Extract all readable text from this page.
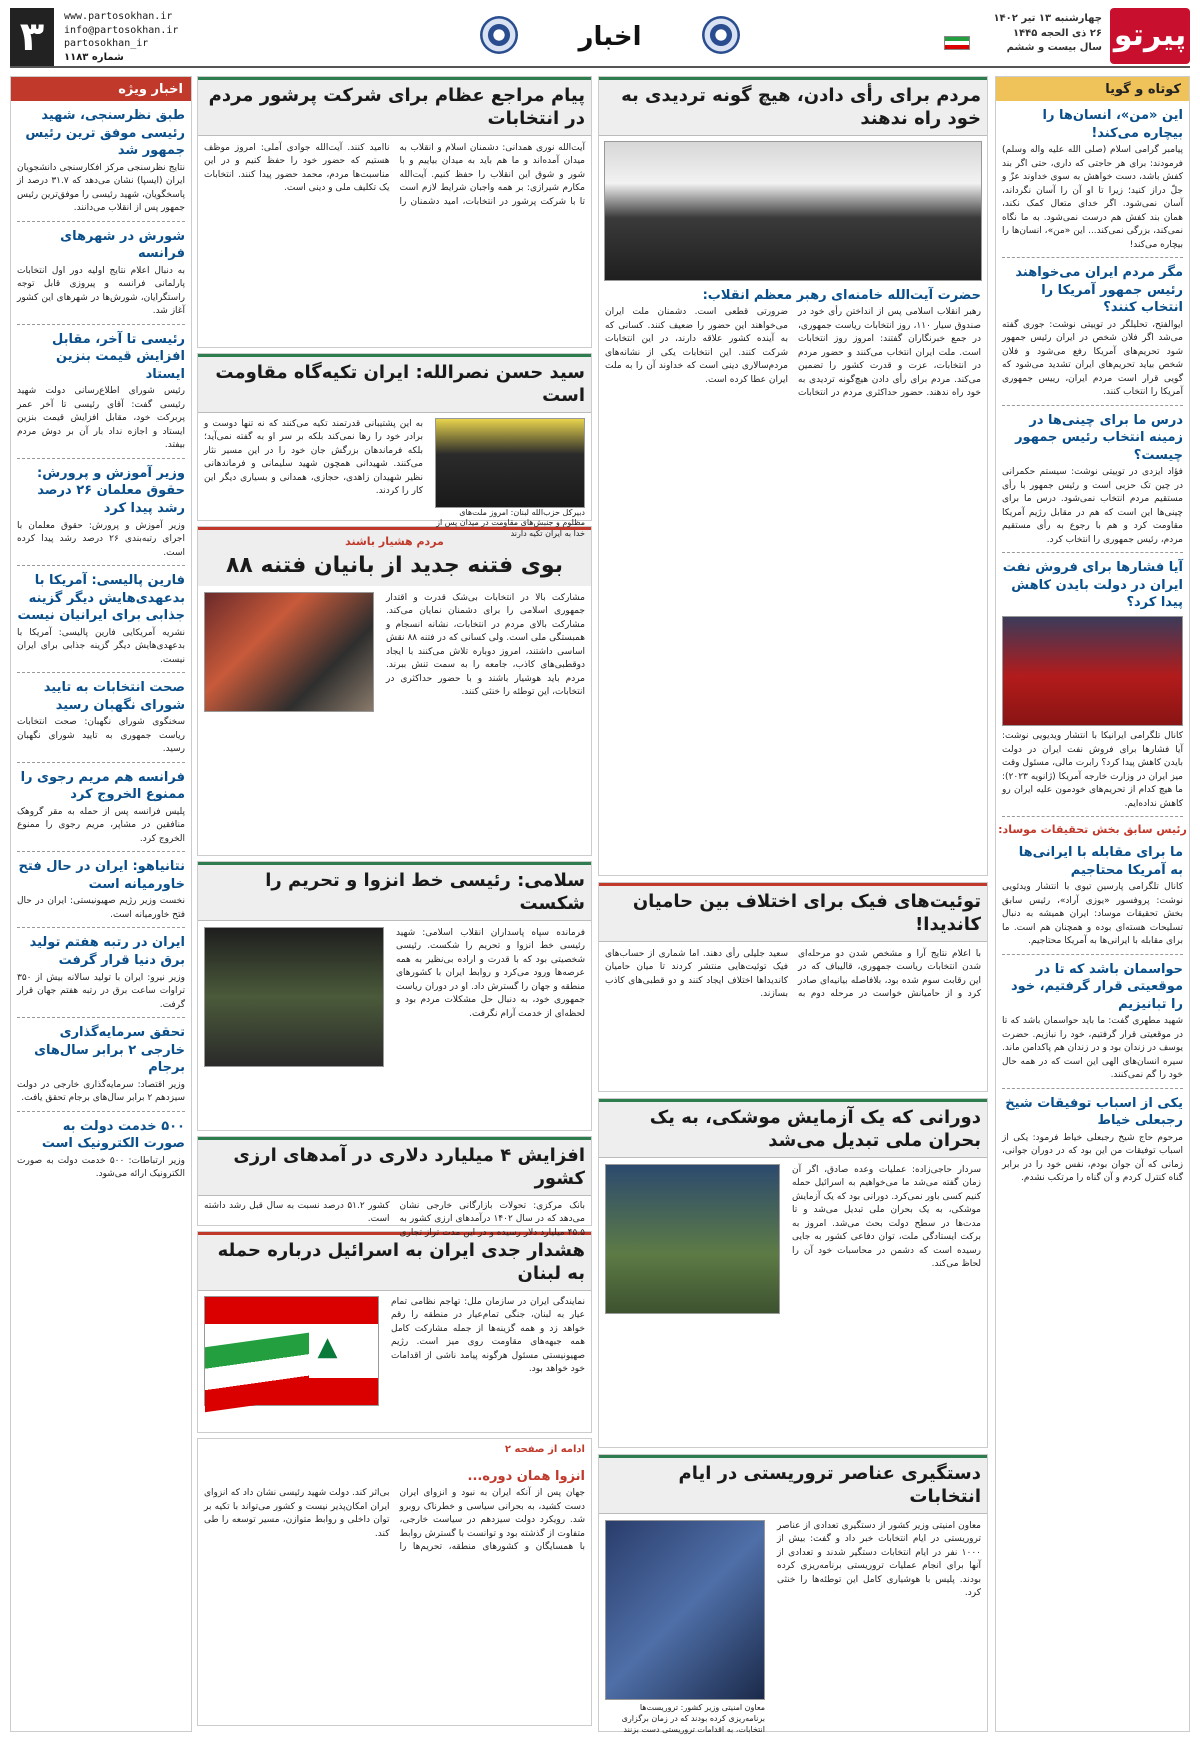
پیرتو
چهارشنبه ۱۳ تیر ۱۴۰۲
۲۶ ذی الحجه ۱۴۴۵
سال بیست و ششم
اخبار
www.partosokhan.ir
info@partosokhan.ir
partosokhan_ir
شماره ۱۱۸۳
۳
کوتاه و گویا
این «من»، انسان‌ها را بیچاره می‌کند!
پیامبر گرامی اسلام (صلی الله علیه واله وسلم) فرمودند: برای هر حاجتی که داری، حتی اگر بند کفش باشد، دست خواهش به سوی خداوند عزّ و جلّ دراز کنید؛ زیرا تا او آن را آسان نگرداند، آسان نمی‌شود. اگر خدای متعال کمک نکند، همان بند کفش هم درست نمی‌شود. به ما نگاه نمی‌کند، بزرگی نمی‌کند... این «من»، انسان‌ها را بیچاره می‌کند!
مگر مردم ایران می‌خواهند رئیس جمهور آمریکا را انتخاب کنند؟
ایوالفتح، تحلیلگر در توییتی نوشت: جوری گفته می‌شد اگر فلان شخص در ایران رئیس جمهور شود تحریم‌های آمریکا رفع می‌شود و فلان شخص بیاید تحریم‌های ایران تشدید می‌شود که گویی قرار است مردم ایران، رییس جمهوری آمریکا را انتخاب کنند.
درس ما برای چینی‌ها در زمینه انتخاب رئیس جمهور چیست؟
فؤاد ایزدی در توییتی نوشت: سیستم حکمرانی در چین تک حزبی است و رئیس جمهور با رأی مستقیم مردم انتخاب نمی‌شود. درس ما برای چینی‌ها این است که هم در مقابل رژیم آمریکا مقاومت کرد و هم با رجوع به رأی مستقیم مردم، رئیس جمهوری را انتخاب کرد.
آیا فشارها برای فروش نفت ایران در دولت بایدن کاهش پیدا کرد؟
کانال تلگرامی ایرانیکا با انتشار ویدیویی نوشت: آیا فشارها برای فروش نفت ایران در دولت بایدن کاهش پیدا کرد؟ رابرت مالی، مسئول وقت میز ایران در وزارت خارجه آمریکا (ژانویه ۲۰۲۳): ما هیچ کدام از تحریم‌های خودمون علیه ایران رو کاهش نداده‌ایم.
رئیس سابق بخش تحقیقات موساد:
ما برای مقابله با ایرانی‌ها به آمریکا محتاجیم
کانال تلگرامی پارسین تیوی با انتشار ویدئویی نوشت: پروفسور «یوزی آراد»، رئیس سابق بخش تحقیقات موساد: ایران همیشه به دنبال تسلیحات هسته‌ای بوده و همچنان هم است. ما برای مقابله با ایرانی‌ها به آمریکا محتاجیم.
حواسمان باشد که تا در موقعیتی قرار گرفتیم، خود را تبانیزیم
شهید مطهری گفت: ما باید حواسمان باشد که تا در موقعیتی قرار گرفتیم، خود را نبازیم. حضرت یوسف در زندان بود و در زندان هم پاکدامن ماند. سیره انسان‌های الهی این است که در همه حال خود را گم نمی‌کنند.
یکی از اسباب توفیقات شیخ رجبعلی خیاط
مرحوم حاج شیخ رجبعلی خیاط فرمود: یکی از اسباب توفیقات من این بود که در دوران جوانی، زمانی که آن جوان بودم، نفس خود را در برابر گناه کنترل کردم و آن گناه را مرتکب نشدم.
مردم برای رأی دادن، هیچ گونه تردیدی به خود راه ندهند
حضرت آیت‌الله خامنه‌ای رهبر معظم انقلاب:
رهبر انقلاب اسلامی پس از انداختن رأی خود در صندوق سیار ۱۱۰، روز انتخابات ریاست جمهوری، در جمع خبرنگاران گفتند: امروز روز انتخابات است. ملت ایران انتخاب می‌کنند و حضور مردم در انتخابات، عزت و قدرت کشور را تضمین می‌کند. مردم برای رأی دادن هیچ‌گونه تردیدی به خود راه ندهند. حضور حداکثری مردم در انتخابات ضرورتی قطعی است. دشمنان ملت ایران می‌خواهند این حضور را ضعیف کنند. کسانی که به آینده کشور علاقه دارند، در این انتخابات شرکت کنند. این انتخابات یکی از نشانه‌های مردم‌سالاری دینی است که خداوند آن را به ملت ایران عطا کرده است.
توئیت‌های فیک برای اختلاف بین حامیان کاندیدا!
با اعلام نتایج آرا و مشخص شدن دو مرحله‌ای شدن انتخابات ریاست جمهوری، قالیباف که در این رقابت سوم شده بود، بلافاصله بیانیه‌ای صادر کرد و از حامیانش خواست در مرحله دوم به سعید جلیلی رأی دهند. اما شماری از حساب‌های فیک توئیت‌هایی منتشر کردند تا میان حامیان کاندیداها اختلاف ایجاد کنند و دو قطبی‌های کاذب بسازند.
دورانی که یک آزمایش موشکی، به یک بحران ملی تبدیل می‌شد
سردار حاجی‌زاده: عملیات وعده صادق، اگر آن زمان گفته می‌شد ما می‌خواهیم به اسرائیل حمله کنیم کسی باور نمی‌کرد. دورانی بود که یک آزمایش موشکی، به یک بحران ملی تبدیل می‌شد و تا مدت‌ها در سطح دولت بحث می‌شد. امروز به برکت ایستادگی ملت، توان دفاعی کشور به جایی رسیده است که دشمن در محاسبات خود آن را لحاظ می‌کند.
دستگیری عناصر تروریستی در ایام انتخابات
معاون امنیتی وزیر کشور از دستگیری تعدادی از عناصر تروریستی در ایام انتخابات خبر داد و گفت: بیش از ۱۰۰۰ نفر در ایام انتخابات دستگیر شدند و تعدادی از آنها برای انجام عملیات تروریستی برنامه‌ریزی کرده بودند. پلیس با هوشیاری کامل این توطئه‌ها را خنثی کرد.
معاون امنیتی وزیر کشور: تروریست‌ها برنامه‌ریزی کرده بودند که در زمان برگزاری انتخابات، به اقدامات تروریستی دست بزنند
پیام مراجع عظام برای شرکت پرشور مردم در انتخابات
آیت‌الله نوری همدانی: دشمنان اسلام و انقلاب به میدان آمده‌اند و ما هم باید به میدان بیاییم و با شور و شوق این انقلاب را حفظ کنیم. آیت‌الله مکارم شیرازی: بر همه واجبان شرایط لازم است تا با شرکت پرشور در انتخابات، امید دشمنان را ناامید کنند. آیت‌الله جوادی آملی: امروز موظف هستیم که حضور خود را حفظ کنیم و در این مناسبت‌ها مردم، محمد حضور پیدا کنند. انتخابات یک تکلیف ملی و دینی است.
سید حسن نصرالله: ایران تکیه‌گاه مقاومت است
دبیرکل حزب‌الله لبنان: امروز ملت‌های مظلوم و جنبش‌های مقاومت در میدان پس از خدا به ایران تکیه دارند
به این پشتیبانی قدرتمند تکیه می‌کنند که نه تنها دوست و برادر خود را رها نمی‌کند بلکه بر سر او به گفته نمی‌آید؛ بلکه فرماندهان بزرگش جان خود را در این مسیر نثار می‌کنند. شهیدانی همچون شهید سلیمانی و فرماندهانی نظیر شهیدان زاهدی، حجازی، همدانی و بسیاری دیگر این کار را کردند.
مردم هشیار باشند
بوی فتنه جدید از بانیان فتنه ۸۸
مشارکت بالا در انتخابات بی‌شک قدرت و اقتدار جمهوری اسلامی را برای دشمنان نمایان می‌کند. مشارکت بالای مردم در انتخابات، نشانه انسجام و همبستگی ملی است. ولی کسانی که در فتنه ۸۸ نقش اساسی داشتند، امروز دوباره تلاش می‌کنند با ایجاد دوقطبی‌های کاذب، جامعه را به سمت تنش ببرند. مردم باید هوشیار باشند و با حضور حداکثری در انتخابات، این توطئه را خنثی کنند.
سلامی: رئیسی خط انزوا و تحریم را شکست
فرمانده سپاه پاسداران انقلاب اسلامی: شهید رئیسی خط انزوا و تحریم را شکست. رئیسی شخصیتی بود که با قدرت و اراده بی‌نظیر به همه عرصه‌ها ورود می‌کرد و روابط ایران با کشورهای منطقه و جهان را گسترش داد. او در دوران ریاست جمهوری خود، به دنبال حل مشکلات مردم بود و لحظه‌ای از خدمت آرام نگرفت.
افزایش ۴ میلیارد دلاری در آمدهای ارزی کشور
بانک مرکزی: تحولات بازارگانی خارجی نشان می‌دهد که در سال ۱۴۰۲ درآمدهای ارزی کشور به کشور ۵۱.۲ درصد نسبت به سال قبل رشد داشته است.
هشدار جدی ایران به اسرائیل درباره حمله به لبنان
نمایندگی ایران در سازمان ملل: تهاجم نظامی تمام عیار به لبنان، جنگی تمام‌عیار در منطقه را رقم خواهد زد و همه گزینه‌ها از جمله مشارکت کامل همه جبهه‌های مقاومت روی میز است. رژیم صهیونیستی مسئول هرگونه پیامد ناشی از اقدامات خود خواهد بود.
▲
ادامه از صفحه ۲
انزوا همان دوره...
جهان پس از آنکه ایران به نبود و انزوای ایران دست کشید، به بحرانی سیاسی و خطرناک روبرو شد. رویکرد دولت سیزدهم در سیاست خارجی، متفاوت از گذشته بود و توانست با گسترش روابط با همسایگان و کشورهای منطقه، تحریم‌ها را بی‌اثر کند. دولت شهید رئیسی نشان داد که انزوای ایران امکان‌پذیر نیست و کشور می‌تواند با تکیه بر توان داخلی و روابط متوازن، مسیر توسعه را طی کند.
اخبار ویژه
طبق نظرسنجی، شهید رئیسی موفق ترین رئیس جمهور شد
نتایج نظرسنجی مرکز افکارسنجی دانشجویان ایران (ایسپا) نشان می‌دهد که ۳۱.۷ درصد از پاسخگویان، شهید رئیسی را موفق‌ترین رئیس جمهور پس از انقلاب می‌دانند.
شورش در شهرهای فرانسه
به دنبال اعلام نتایج اولیه دور اول انتخابات پارلمانی فرانسه و پیروزی قابل توجه راستگرایان، شورش‌ها در شهرهای این کشور آغاز شد.
رئیسی تا آخر، مقابل افزایش قیمت بنزین ایستاد
رئیس شورای اطلاع‌رسانی دولت شهید رئیسی گفت: آقای رئیسی تا آخر عمر پربرکت خود، مقابل افزایش قیمت بنزین ایستاد و اجازه نداد بار آن بر دوش مردم بیفتد.
وزیر آموزش و پرورش: حقوق معلمان ۲۶ درصد رشد پیدا کرد
وزیر آموزش و پرورش: حقوق معلمان با اجرای رتبه‌بندی ۲۶ درصد رشد پیدا کرده است.
فارین پالیسی: آمریکا با بدعهدی‌هایش دیگر گزینه جذابی برای ایرانیان نیست
نشریه آمریکایی فارین پالیسی: آمریکا با بدعهدی‌هایش دیگر گزینه جذابی برای ایران نیست.
صحت انتخابات به تایید شورای نگهبان رسید
سخنگوی شورای نگهبان: صحت انتخابات ریاست جمهوری به تایید شورای نگهبان رسید.
فرانسه هم مریم رجوی را ممنوع الخروج کرد
پلیس فرانسه پس از حمله به مقر گروهک منافقین در مشاپر، مریم رجوی را ممنوع الخروج کرد.
نتانیاهو: ایران در حال فتح خاورمیانه است
نخست وزیر رژیم صهیونیستی: ایران در حال فتح خاورمیانه است.
ایران در رتبه هفتم تولید برق دنیا قرار گرفت
وزیر نیرو: ایران با تولید سالانه بیش از ۳۵۰ تراوات ساعت برق در رتبه هفتم جهان قرار گرفت.
تحقق سرمایه‌گذاری خارجی ۲ برابر سال‌های برجام
وزیر اقتصاد: سرمایه‌گذاری خارجی در دولت سیزدهم ۲ برابر سال‌های برجام تحقق یافت.
۵۰۰ خدمت دولت به صورت الکترونیک است
وزیر ارتباطات: ۵۰۰ خدمت دولت به صورت الکترونیک ارائه می‌شود.
